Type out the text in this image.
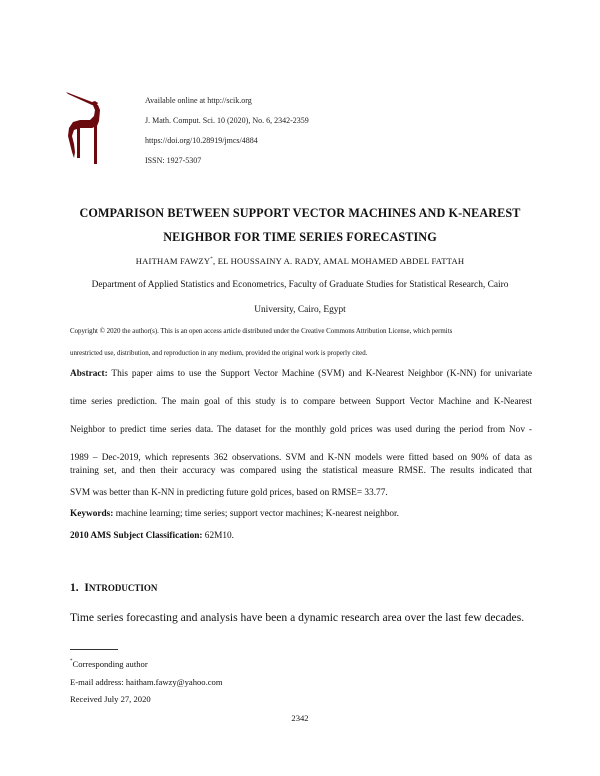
Available online at http://scik.org
J. Math. Comput. Sci. 10 (2020), No. 6, 2342-2359
https://doi.org/10.28919/jmcs/4884
ISSN: 1927-5307
COMPARISON BETWEEN SUPPORT VECTOR MACHINES AND K-NEAREST
NEIGHBOR FOR TIME SERIES FORECASTING
HAITHAM FAWZY*, EL HOUSSAINY A. RADY, AMAL MOHAMED ABDEL FATTAH
Department of Applied Statistics and Econometrics, Faculty of Graduate Studies for Statistical Research, Cairo
University, Cairo, Egypt
Copyright © 2020 the author(s). This is an open access article distributed under the Creative Commons Attribution License, which permits
unrestricted use, distribution, and reproduction in any medium, provided the original work is properly cited.
Abstract: This paper aims to use the Support Vector Machine (SVM) and K-Nearest Neighbor (K-NN) for univariate
time series prediction. The main goal of this study is to compare between Support Vector Machine and K-Nearest
Neighbor to predict time series data. The dataset for the monthly gold prices was used during the period from Nov -
1989 – Dec-2019, which represents 362 observations. SVM and K-NN models were fitted based on 90% of data as
training set, and then their accuracy was compared using the statistical measure RMSE. The results indicated that
SVM was better than K-NN in predicting future gold prices, based on RMSE= 33.77.
Keywords: machine learning; time series; support vector machines; K-nearest neighbor.
2010 AMS Subject Classification: 62M10.
1. INTRODUCTION
Time series forecasting and analysis have been a dynamic research area over the last few decades.
*Corresponding author
E-mail address: haitham.fawzy@yahoo.com
Received July 27, 2020
2342
